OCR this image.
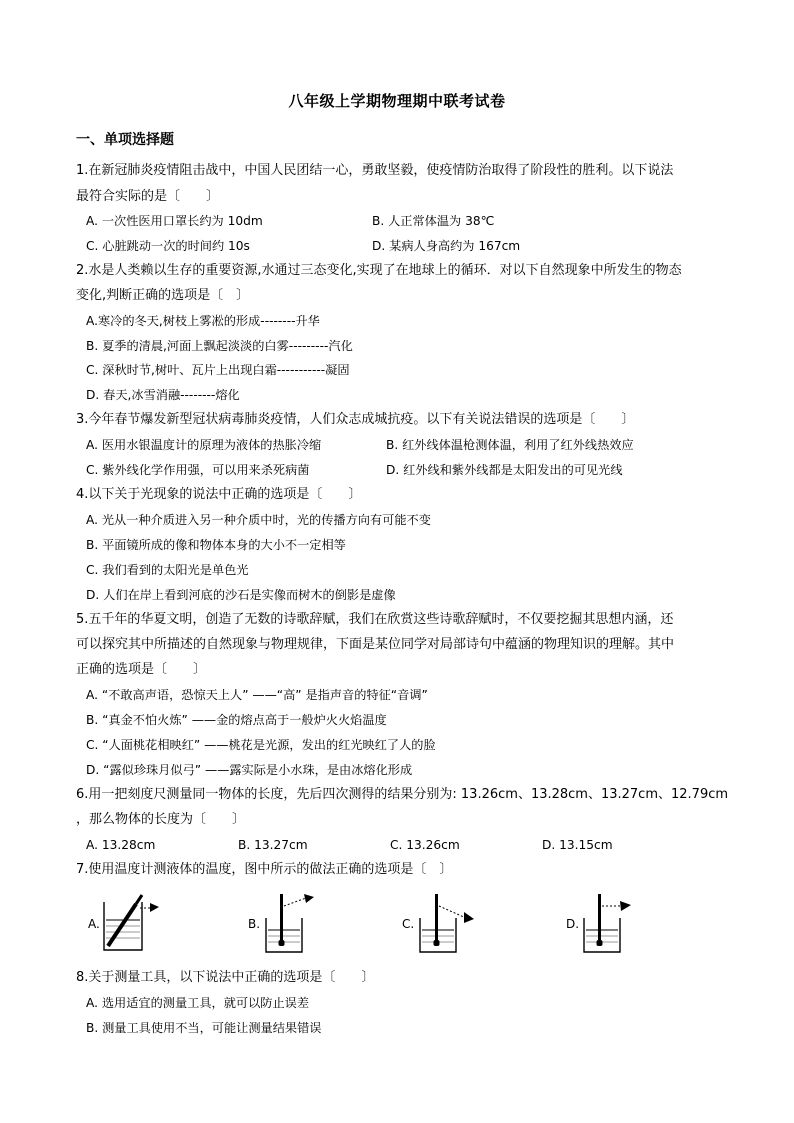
八年级上学期物理期中联考试卷
一、单项选择题
1.在新冠肺炎疫情阻击战中，中国人民团结一心，勇敢坚毅，使疫情防治取得了阶段性的胜利。以下说法
最符合实际的是〔　　〕
A. 一次性医用口罩长约为 10dm	B. 人正常体温为 38℃
C. 心脏跳动一次的时间约 10s	D. 某病人身高约为 167cm
2.水是人类赖以生存的重要资源,水通过三态变化,实现了在地球上的循环．对以下自然现象中所发生的物态
变化,判断正确的选项是〔　〕
A.寒冷的冬天,树枝上雾凇的形成--------升华
B. 夏季的清晨,河面上飘起淡淡的白雾---------汽化
C. 深秋时节,树叶、瓦片上出现白霜-----------凝固
D. 春天,冰雪消融--------熔化
3.今年春节爆发新型冠状病毒肺炎疫情，人们众志成城抗疫。以下有关说法错误的选项是〔　　〕
A. 医用水银温度计的原理为液体的热胀冷缩	B. 红外线体温枪测体温，利用了红外线热效应
C. 紫外线化学作用强，可以用来杀死病菌	D. 红外线和紫外线都是太阳发出的可见光线
4.以下关于光现象的说法中正确的选项是〔　　〕
A. 光从一种介质进入另一种介质中时，光的传播方向有可能不变
B. 平面镜所成的像和物体本身的大小不一定相等
C. 我们看到的太阳光是单色光
D. 人们在岸上看到河底的沙石是实像而树木的倒影是虚像
5.五千年的华夏文明，创造了无数的诗歌辞赋，我们在欣赏这些诗歌辞赋时，不仅要挖掘其思想内涵，还
可以探究其中所描述的自然现象与物理规律，下面是某位同学对局部诗句中蕴涵的物理知识的理解。其中
正确的选项是〔　　〕
A. “不敢高声语，恐惊天上人” ——“高” 是指声音的特征“音调”
B. “真金不怕火炼” ——金的熔点高于一般炉火火焰温度
C. “人面桃花相映红” ——桃花是光源，发出的红光映红了人的脸
D. “露似珍珠月似弓” ——露实际是小水珠，是由冰熔化形成
6.用一把刻度尺测量同一物体的长度，先后四次测得的结果分别为: 13.26cm、13.28cm、13.27cm、12.79cm
，那么物体的长度为〔　　〕
A. 13.28cm	B. 13.27cm	C. 13.26cm	D. 13.15cm
7.使用温度计测液体的温度，图中所示的做法正确的选项是〔　〕
A.	B.	C.	D.
8.关于测量工具，以下说法中正确的选项是〔　　〕
A. 选用适宜的测量工具，就可以防止误差
B. 测量工具使用不当，可能让测量结果错误
